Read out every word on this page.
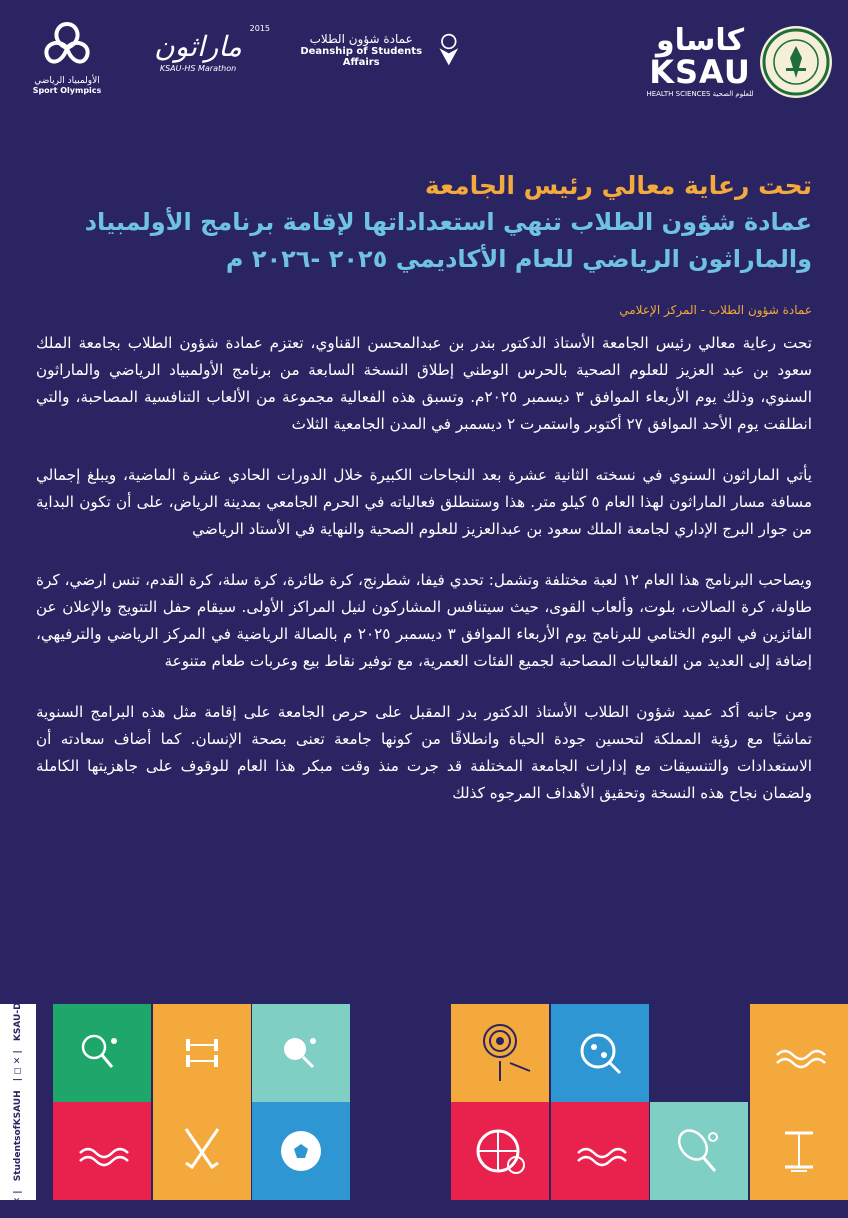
الأولمبياد الرياضي
Sport Olympics
2015
ماراثون
KSAU-HS Marathon
عمادة شؤون الطلاب
Deanship of Students Affairs
كاساو
KSAU
HEALTH SCIENCES للعلوم الصحية
تحت رعاية معالي رئيس الجامعة
عمادة شؤون الطلاب تنهي استعداداتها لإقامة برنامج الأولمبياد
والماراثون الرياضي للعام الأكاديمي ٢٠٢٥ -٢٠٢٦ م
عمادة شؤون الطلاب - المركز الإعلامي

تحت رعاية معالي رئيس الجامعة الأستاذ الدكتور بندر بن عبدالمحسن القناوي، تعتزم عمادة شؤون الطلاب بجامعة الملك سعود بن عبد العزيز للعلوم الصحية بالحرس الوطني إطلاق النسخة السابعة من برنامج الأولمبياد الرياضي والماراثون السنوي، وذلك يوم الأربعاء الموافق ٣ ديسمبر ٢٠٢٥م. وتسبق هذه الفعالية مجموعة من الألعاب التنافسية المصاحبة، والتي انطلقت يوم الأحد الموافق ٢٧ أكتوبر واستمرت ٢ ديسمبر في المدن الجامعية الثلاث

يأتي الماراثون السنوي في نسخته الثانية عشرة بعد النجاحات الكبيرة خلال الدورات الحادي عشرة الماضية، ويبلغ إجمالي مسافة مسار الماراثون لهذا العام ٥ كيلو متر. هذا وستنطلق فعالياته في الحرم الجامعي بمدينة الرياض، على أن تكون البداية من جوار البرج الإداري لجامعة الملك سعود بن عبدالعزيز للعلوم الصحية والنهاية في الأستاد الرياضي

ويصاحب البرنامج هذا العام ١٢ لعبة مختلفة وتشمل: تحدي فيفا، شطرنج، كرة طائرة، كرة سلة، كرة القدم، تنس ارضي، كرة طاولة، كرة الصالات، بلوت، وألعاب القوى، حيث سيتنافس المشاركون لنيل المراكز الأولى. سيقام حفل التتويج والإعلان عن الفائزين في اليوم الختامي للبرنامج يوم الأربعاء الموافق ٣ ديسمبر ٢٠٢٥ م بالصالة الرياضية في المركز الرياضي والترفيهي، إضافة إلى العديد من الفعاليات المصاحبة لجميع الفئات العمرية، مع توفير نقاط بيع وعربات طعام متنوعة

ومن جانبه أكد عميد شؤون الطلاب الأستاذ الدكتور بدر المقبل على حرص الجامعة على إقامة مثل هذه البرامج السنوية تماشيًا مع رؤية المملكة لتحسين جودة الحياة وانطلاقًا من كونها جامعة تعنى بصحة الإنسان. كما أضاف سعادته أن الاستعدادات والتنسيقات مع إدارات الجامعة المختلفة قد جرت منذ وقت مبكر هذا العام للوقوف على جاهزيتها الكاملة ولضمان نجاح هذه النسخة وتحقيق الأهداف المرجوه كذلك

◻ ✕ | StudentsofKSAUH | ◻ ✕ | KSAU-DSA
